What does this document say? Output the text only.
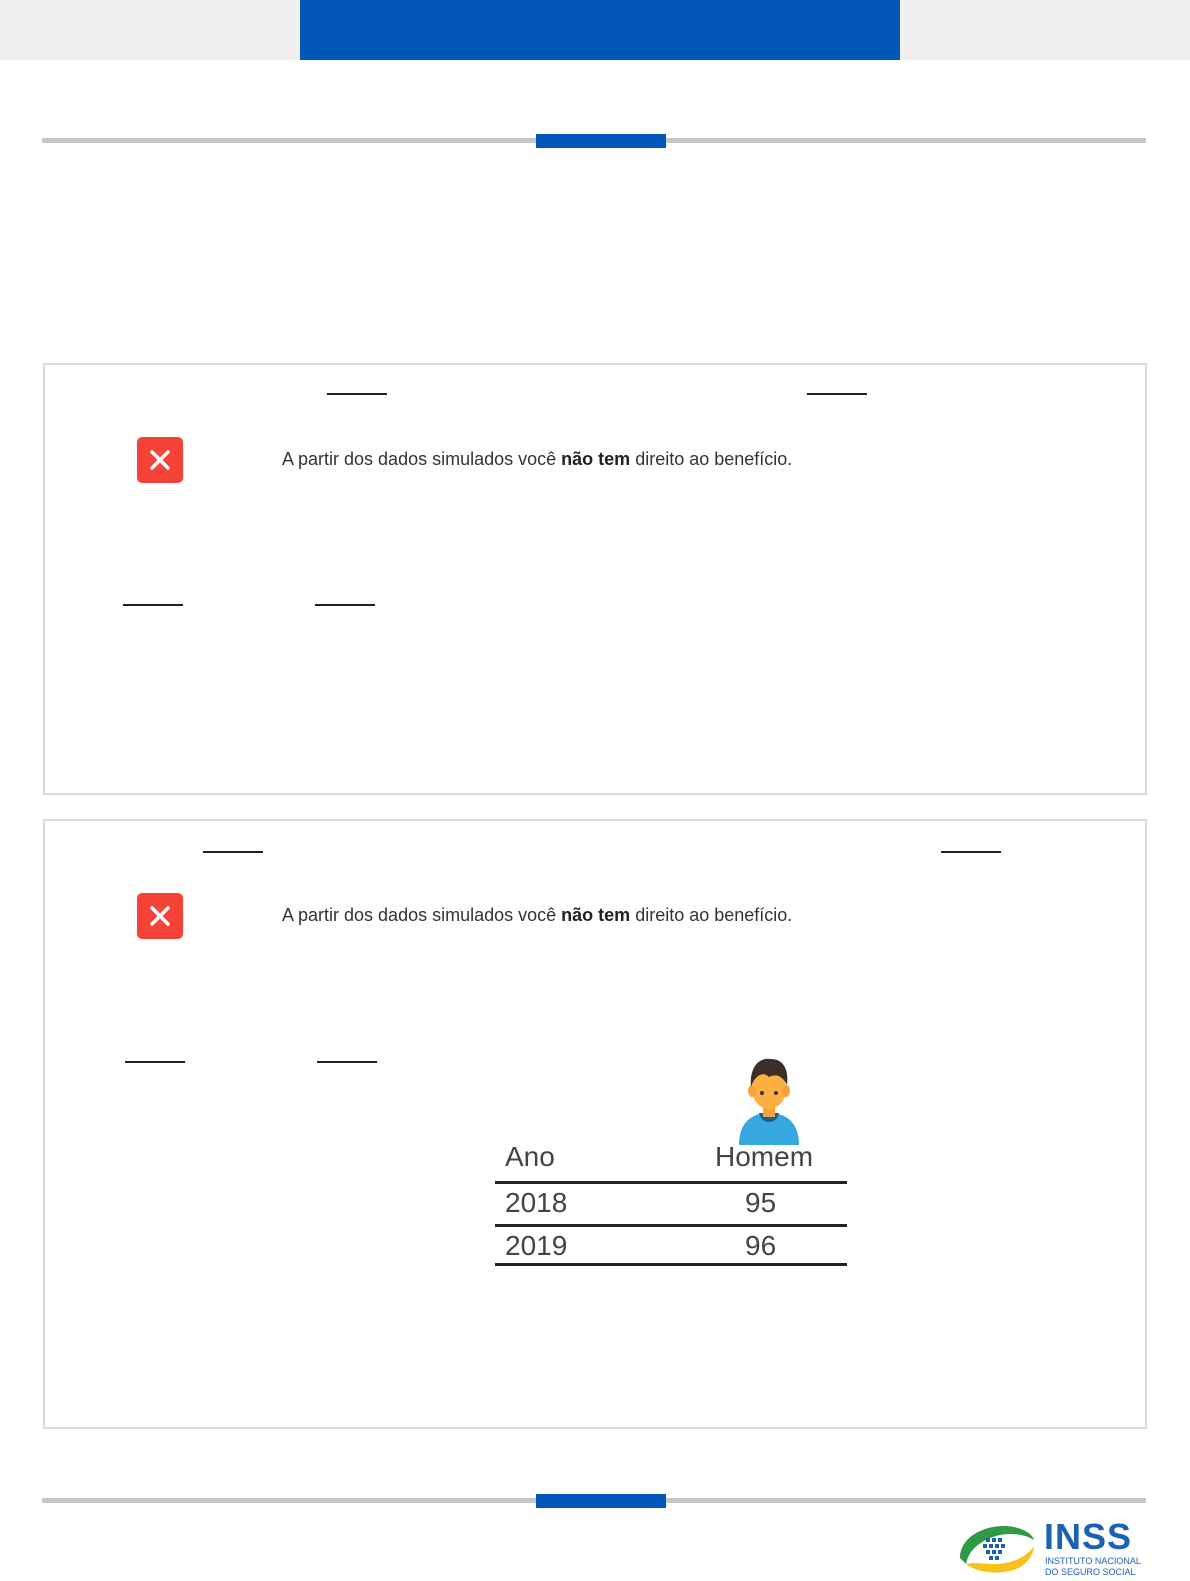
A partir dos dados simulados você não tem direito ao benefício.
A partir dos dados simulados você não tem direito ao benefício.
Ano	Homem
2018	95
2019	96
INSS
INSTITUTO NACIONAL
DO SEGURO SOCIAL
